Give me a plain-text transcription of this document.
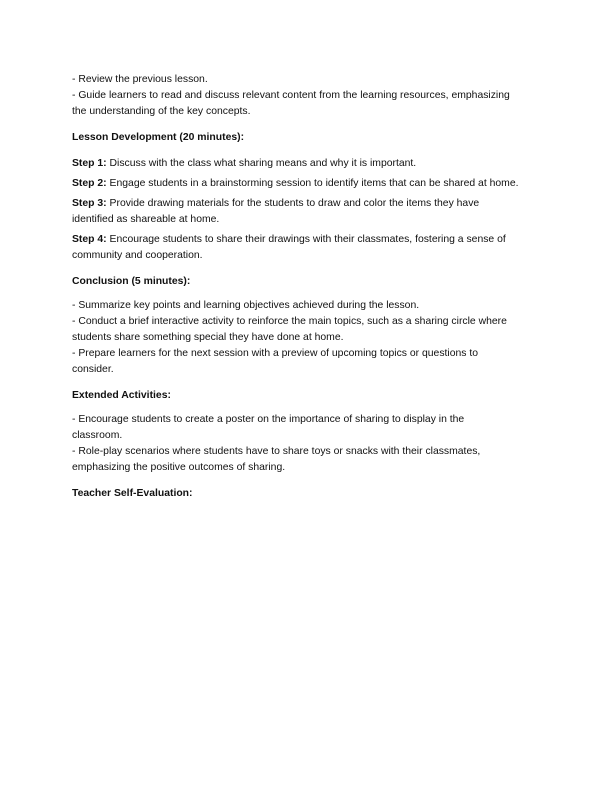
- Review the previous lesson.
- Guide learners to read and discuss relevant content from the learning resources, emphasizing
the understanding of the key concepts.
Lesson Development (20 minutes):
Step 1: Discuss with the class what sharing means and why it is important.
Step 2: Engage students in a brainstorming session to identify items that can be shared at home.
Step 3: Provide drawing materials for the students to draw and color the items they have
identified as shareable at home.
Step 4: Encourage students to share their drawings with their classmates, fostering a sense of
community and cooperation.
Conclusion (5 minutes):
- Summarize key points and learning objectives achieved during the lesson.
- Conduct a brief interactive activity to reinforce the main topics, such as a sharing circle where
students share something special they have done at home.
- Prepare learners for the next session with a preview of upcoming topics or questions to
consider.
Extended Activities:
- Encourage students to create a poster on the importance of sharing to display in the
classroom.
- Role-play scenarios where students have to share toys or snacks with their classmates,
emphasizing the positive outcomes of sharing.
Teacher Self-Evaluation:
